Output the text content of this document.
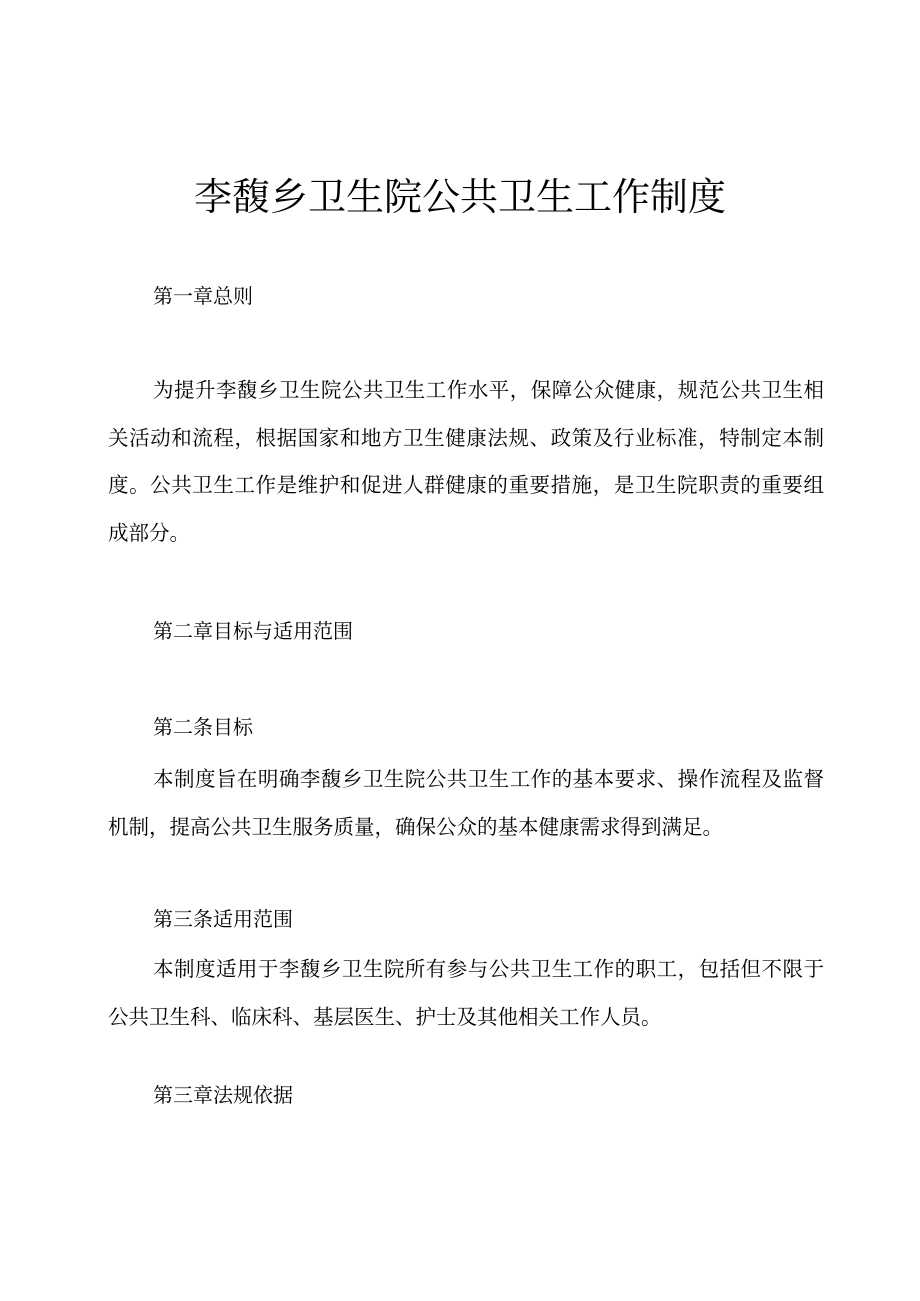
李馥乡卫生院公共卫生工作制度
第一章总则

为提升李馥乡卫生院公共卫生工作水平，保障公众健康，规范公共卫生相关活动和流程，根据国家和地方卫生健康法规、政策及行业标准，特制定本制度。公共卫生工作是维护和促进人群健康的重要措施，是卫生院职责的重要组成部分。

第二章目标与适用范围
第二条目标

本制度旨在明确李馥乡卫生院公共卫生工作的基本要求、操作流程及监督机制，提高公共卫生服务质量，确保公众的基本健康需求得到满足。

第三条适用范围

本制度适用于李馥乡卫生院所有参与公共卫生工作的职工，包括但不限于公共卫生科、临床科、基层医生、护士及其他相关工作人员。

第三章法规依据
